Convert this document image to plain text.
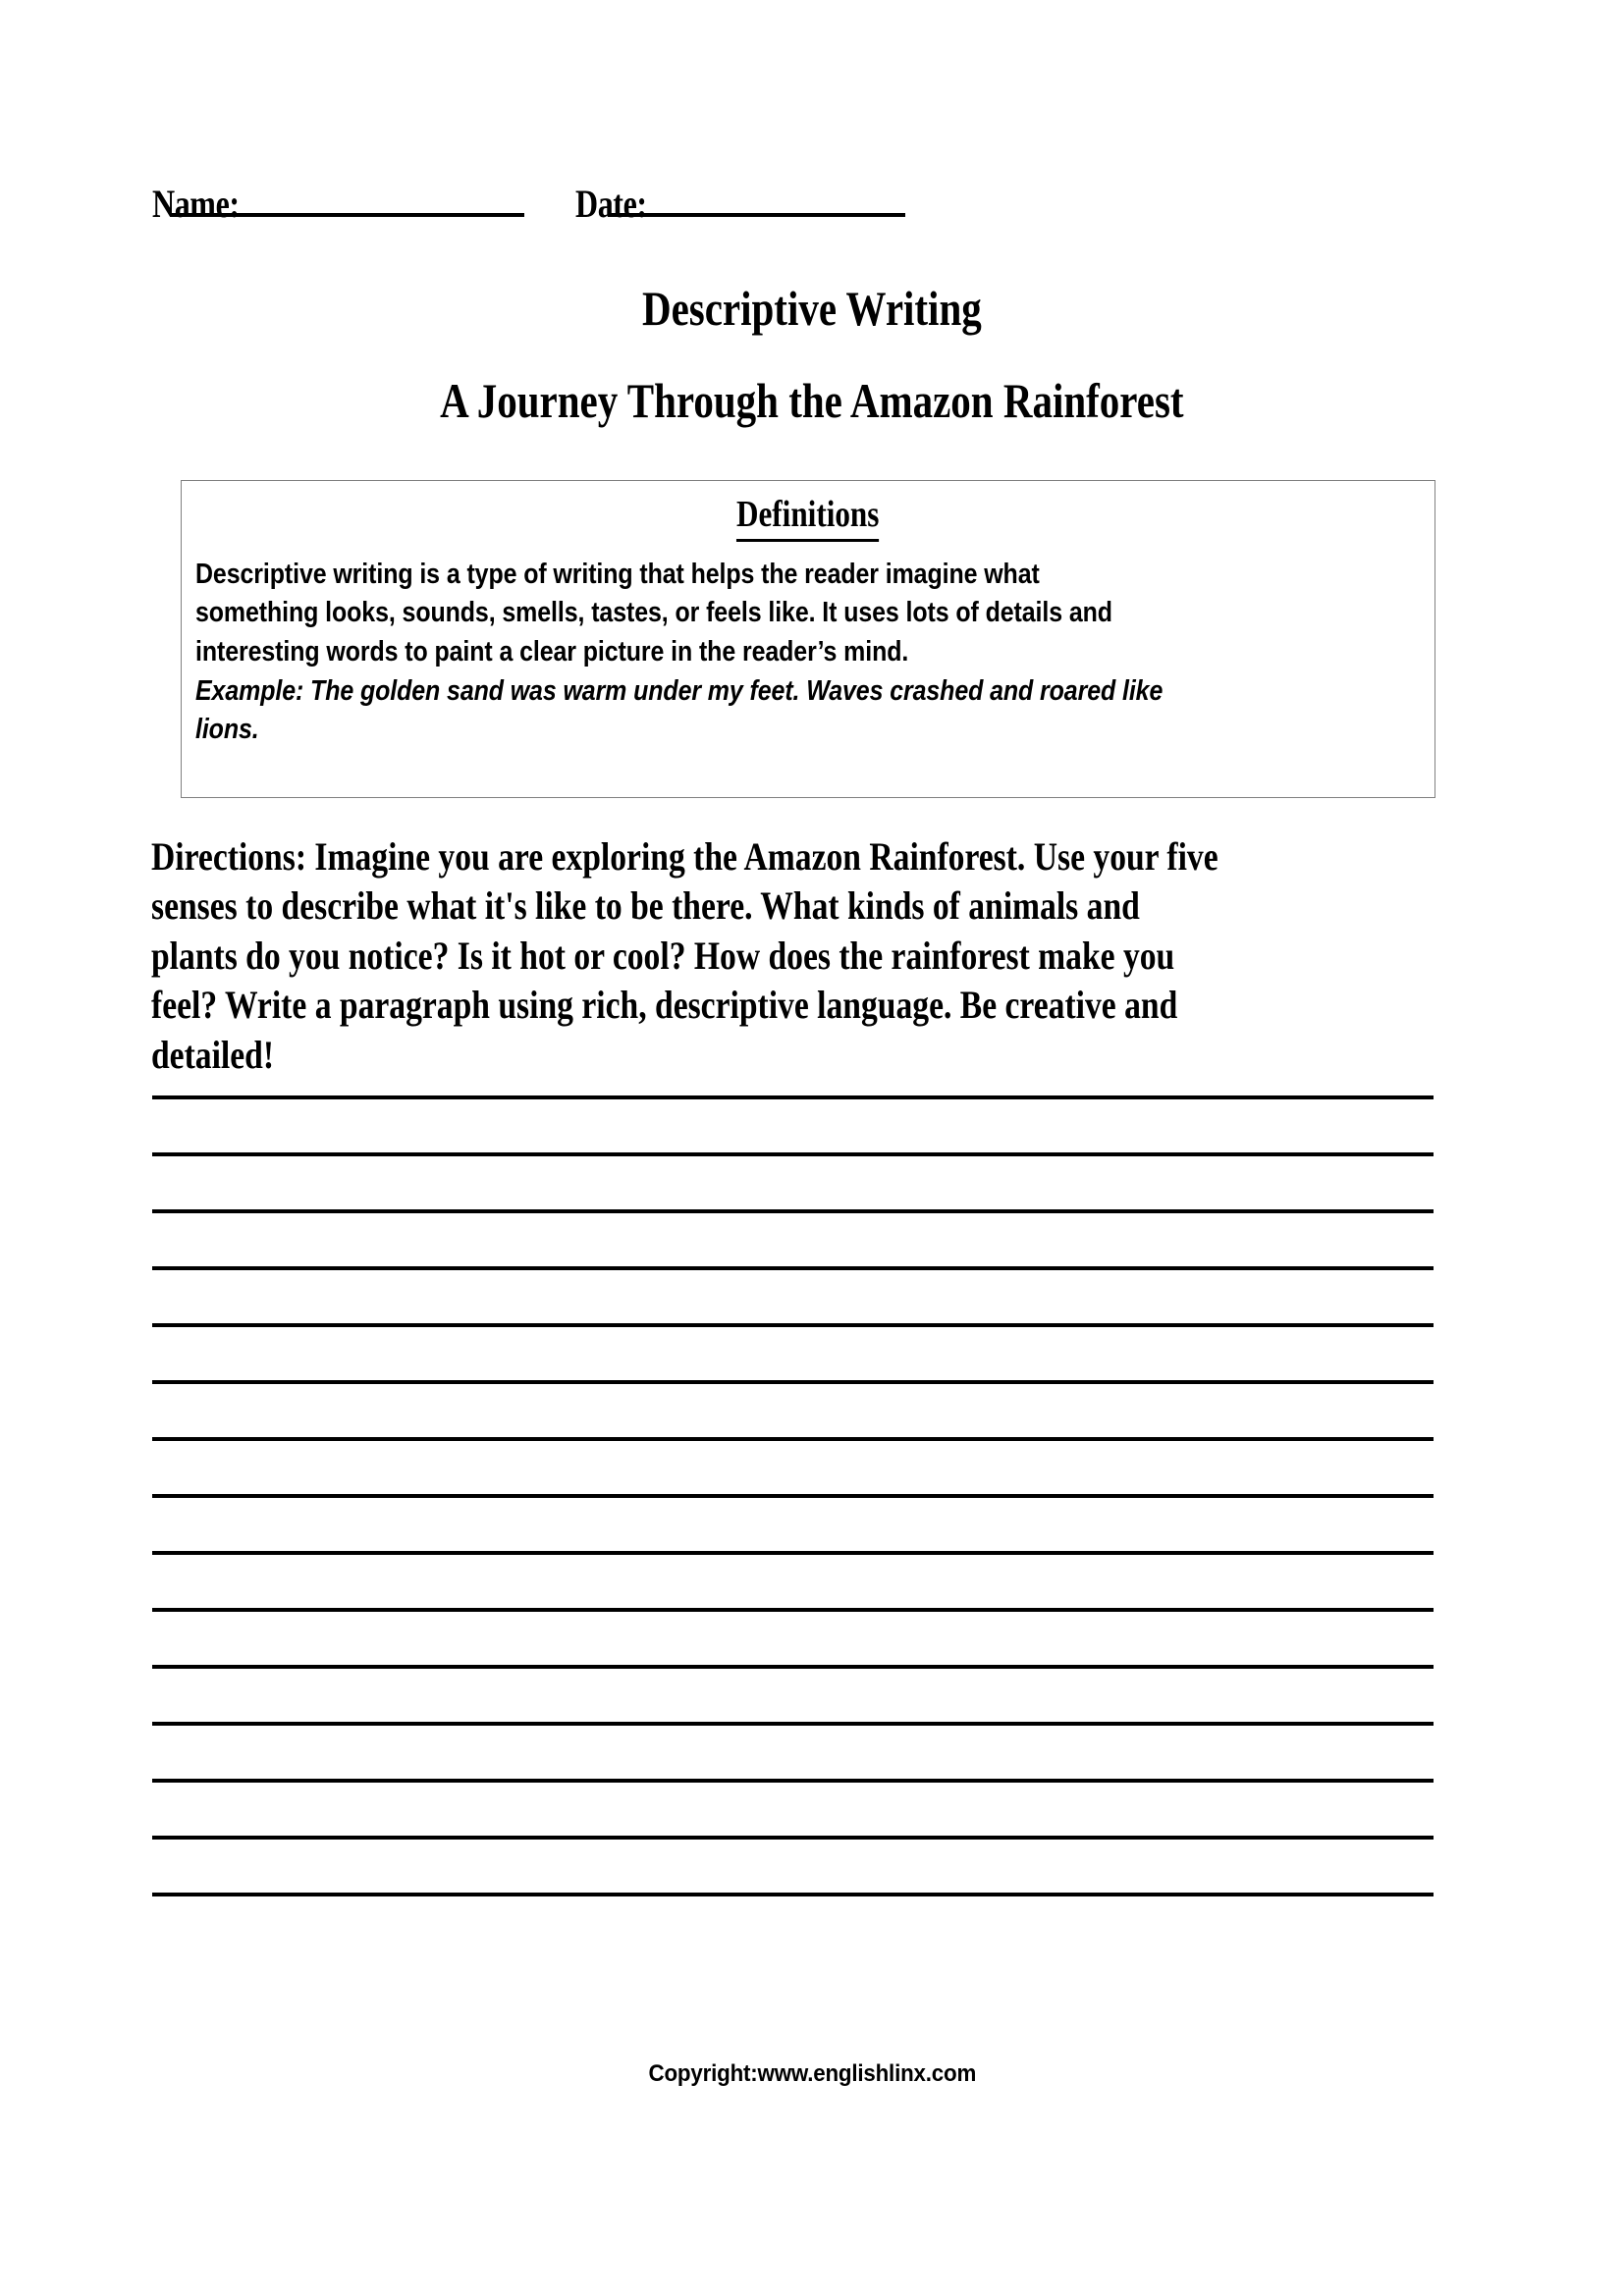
Name:	Date:
Descriptive Writing
A Journey Through the Amazon Rainforest
Definitions

Descriptive writing is a type of writing that helps the reader imagine what
something looks, sounds, smells, tastes, or feels like. It uses lots of details and
interesting words to paint a clear picture in the reader’s mind.

Example: The golden sand was warm under my feet. Waves crashed and roared like
lions.

Directions: Imagine you are exploring the Amazon Rainforest. Use your five
senses to describe what it's like to be there. What kinds of animals and
plants do you notice? Is it hot or cool? How does the rainforest make you
feel? Write a paragraph using rich, descriptive language. Be creative and
detailed!
Copyright:www.englishlinx.com
